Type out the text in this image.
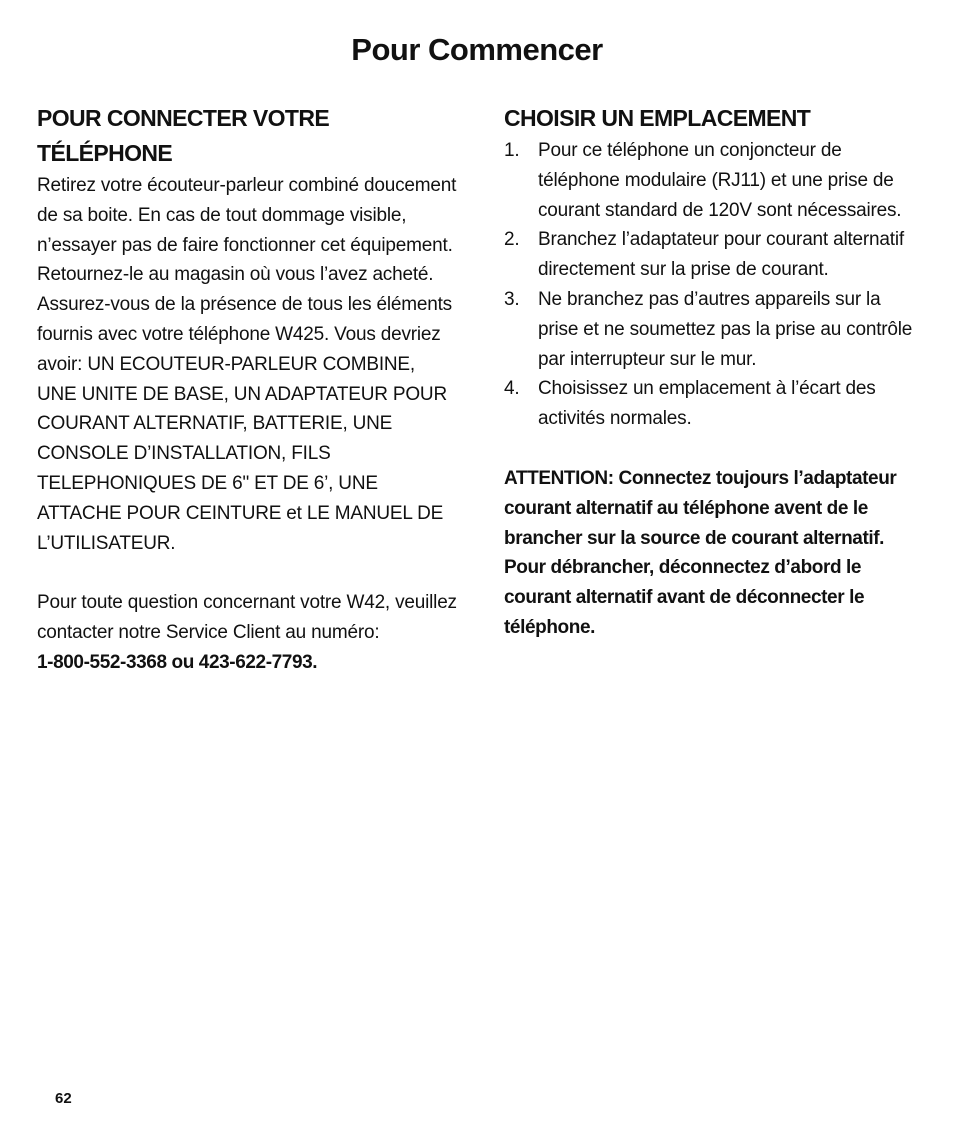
Pour Commencer
POUR CONNECTER VOTRE
TÉLÉPHONE

Retirez votre écouteur-parleur combiné doucement de sa boite. En cas de tout dommage visible, n’essayer pas de faire fonctionner cet équipement. Retournez-le au magasin où vous l’avez acheté.

Assurez-vous de la présence de tous les éléments fournis avec votre téléphone W425. Vous devriez avoir: UN ECOUTEUR-PARLEUR COMBINE, UNE UNITE DE BASE, UN ADAPTATEUR POUR COURANT ALTERNATIF, BATTERIE, UNE CONSOLE D’INSTALLATION, FILS TELEPHONIQUES DE 6" ET DE 6’, UNE ATTACHE POUR CEINTURE et LE MANUEL DE L’UTILISATEUR.

Pour toute question concernant votre W42, veuillez contacter notre Service Client au numéro:

1-800-552-3368 ou 423-622-7793.

CHOISIR UN EMPLACEMENT
1. Pour ce téléphone un conjoncteur de téléphone modulaire (RJ11) et une prise de courant standard de 120V sont nécessaires.
2. Branchez l’adaptateur pour courant alternatif directement sur la prise de courant.
3. Ne branchez pas d’autres appareils sur la prise et ne soumettez pas la prise au contrôle par interrupteur sur le mur.
4. Choisissez un emplacement à l’écart des activités normales.

ATTENTION: Connectez toujours l’adaptateur courant alternatif au téléphone avent de le brancher sur la source de courant alternatif. Pour débrancher, déconnectez d’abord le courant alternatif avant de déconnecter le téléphone.

62
